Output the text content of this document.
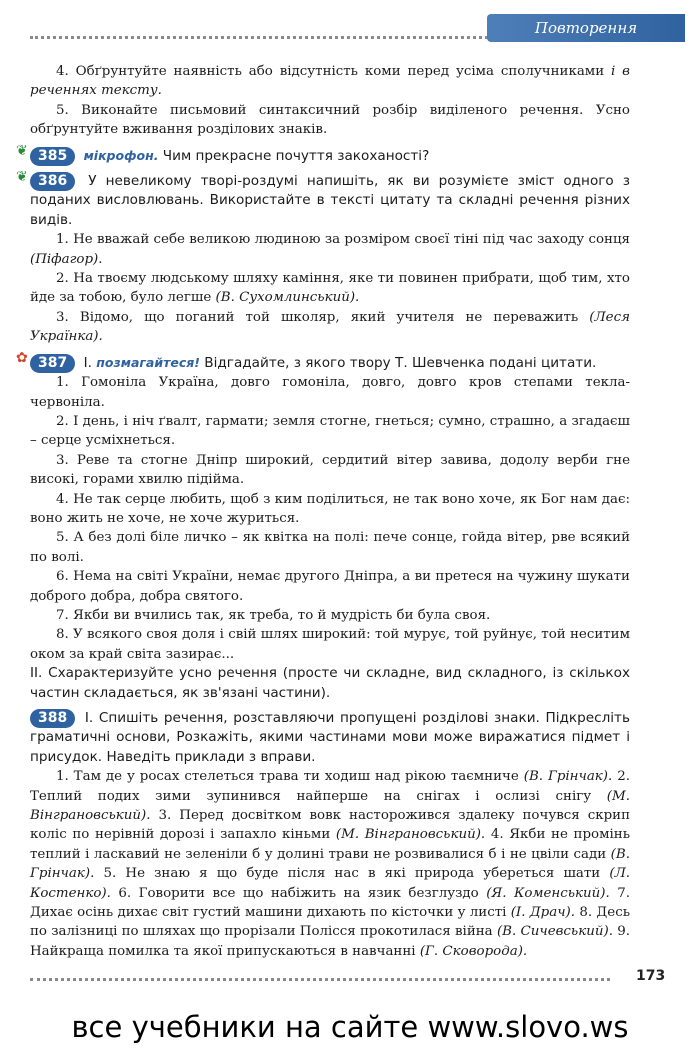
Повторення

4. Обґрунтуйте наявність або відсутність коми перед усіма сполучниками і в реченнях тексту.

5. Виконайте письмовий синтаксичний розбір виділеного речення. Усно обґрунтуйте вживання розділових знаків.

❦ 385 мікрофон. Чим прекрасне почуття закоханості?

❦ 386 У невеликому творі-роздумі напишіть, як ви розумієте зміст одного з поданих висловлювань. Використайте в тексті цитату та складні речення різних видів.

1. Не вважай себе великою людиною за розміром своєї тіні під час заходу сонця (Піфагор).

2. На твоєму людському шляху каміння, яке ти повинен прибрати, щоб тим, хто йде за тобою, було легше (В. Сухомлинський).

3. Відомо, що поганий той школяр, який учителя не переважить (Леся Українка).

✿ 387 I. позмагайтеся! Відгадайте, з якого твору Т. Шевченка подані цитати.

1. Гомоніла Україна, довго гомоніла, довго, довго кров степами текла-червоніла.

2. І день, і ніч ґвалт, гармати; земля стогне, гнеться; сумно, страшно, а згадаєш – серце усміхнеться.

3. Реве та стогне Дніпр широкий, сердитий вітер завива, додолу верби гне високі, горами хвилю підійма.

4. Не так серце любить, щоб з ким поділиться, не так воно хоче, як Бог нам дає: воно жить не хоче, не хоче журиться.

5. А без долі біле личко – як квітка на полі: пече сонце, гойда вітер, рве всякий по волі.

6. Нема на світі України, немає другого Дніпра, а ви претеся на чужину шукати доброго добра, добра святого.

7. Якби ви вчились так, як треба, то й мудрість би була своя.

8. У всякого своя доля і свій шлях широкий: той мурує, той руйнує, той неситим оком за край світа зазирає...

II. Схарактеризуйте усно речення (просте чи складне, вид складного, із скількох частин складається, як зв'язані частини).

388 I. Спишіть речення, розставляючи пропущені розділові знаки. Підкресліть граматичні основи, Розкажіть, якими частинами мови може виражатися підмет і присудок. Наведіть приклади з вправи.

1. Там де у росах стелеться трава ти ходиш над рікою таємниче (В. Грінчак). 2. Теплий подих зими зупинився найперше на снігах і ослизі снігу (М. Вінграновський). 3. Перед досвітком вовк насторожився здалеку почувся скрип коліс по нерівній дорозі і запахло кіньми (М. Вінграновський). 4. Якби не промінь теплий і ласкавий не зеленіли б у долині трави не розвивалися б і не цвіли сади (В. Грінчак). 5. Не знаю я що буде після нас в які природа убереться шати (Л. Костенко). 6. Говорити все що набіжить на язик безглуздо (Я. Коменський). 7. Дихає осінь дихає світ густий машини дихають по кісточки у листі (І. Драч). 8. Десь по залізниці по шляхах що прорізали Полісся прокотилася війна (В. Сичевський). 9. Найкраща помилка та якої припускаються в навчанні (Г. Сковорода).

173
все учебники на сайте www.slovo.ws
